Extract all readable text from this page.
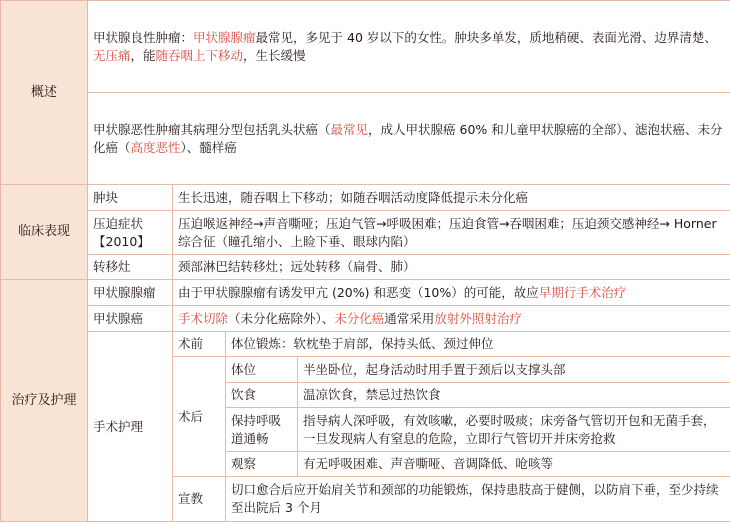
概述	甲状腺良性肿瘤：甲状腺腺瘤最常见，多见于 40 岁以下的女性。肿块多单发，质地稍硬、表面光滑、边界清楚、无压痛，能随吞咽上下移动，生长缓慢			
	甲状腺恶性肿瘤其病理分型包括乳头状癌（最常见，成人甲状腺癌 60% 和儿童甲状腺癌的全部）、滤泡状癌、未分化癌（高度恶性）、髓样癌			
临床表现	肿块	生长迅速，随吞咽上下移动；如随吞咽活动度降低提示未分化癌		
	压迫症状【2010】	压迫喉返神经→声音嘶哑；压迫气管→呼吸困难；压迫食管→吞咽困难；压迫颈交感神经→ Horner 综合征（瞳孔缩小、上睑下垂、眼球内陷）		
	转移灶	颈部淋巴结转移灶；远处转移（扁骨、肺）		
治疗及护理	甲状腺腺瘤	由于甲状腺腺瘤有诱发甲亢 (20%) 和恶变（10%）的可能，故应早期行手术治疗		
	甲状腺癌	手术切除（未分化癌除外）、未分化癌通常采用放射外照射治疗		
	手术护理	术前	体位锻炼：软枕垫于肩部，保持头低、颈过伸位	
		术后	体位	半坐卧位，起身活动时用手置于颈后以支撑头部
			饮食	温凉饮食，禁忌过热饮食
			保持呼吸道通畅	指导病人深呼吸，有效咳嗽，必要时吸痰；床旁备气管切开包和无菌手套，一旦发现病人有窒息的危险，立即行气管切开并床旁抢救
			观察	有无呼吸困难、声音嘶哑、音调降低、呛咳等
		宣教	切口愈合后应开始肩关节和颈部的功能锻炼，保持患肢高于健侧，以防肩下垂，至少持续至出院后 3 个月	
